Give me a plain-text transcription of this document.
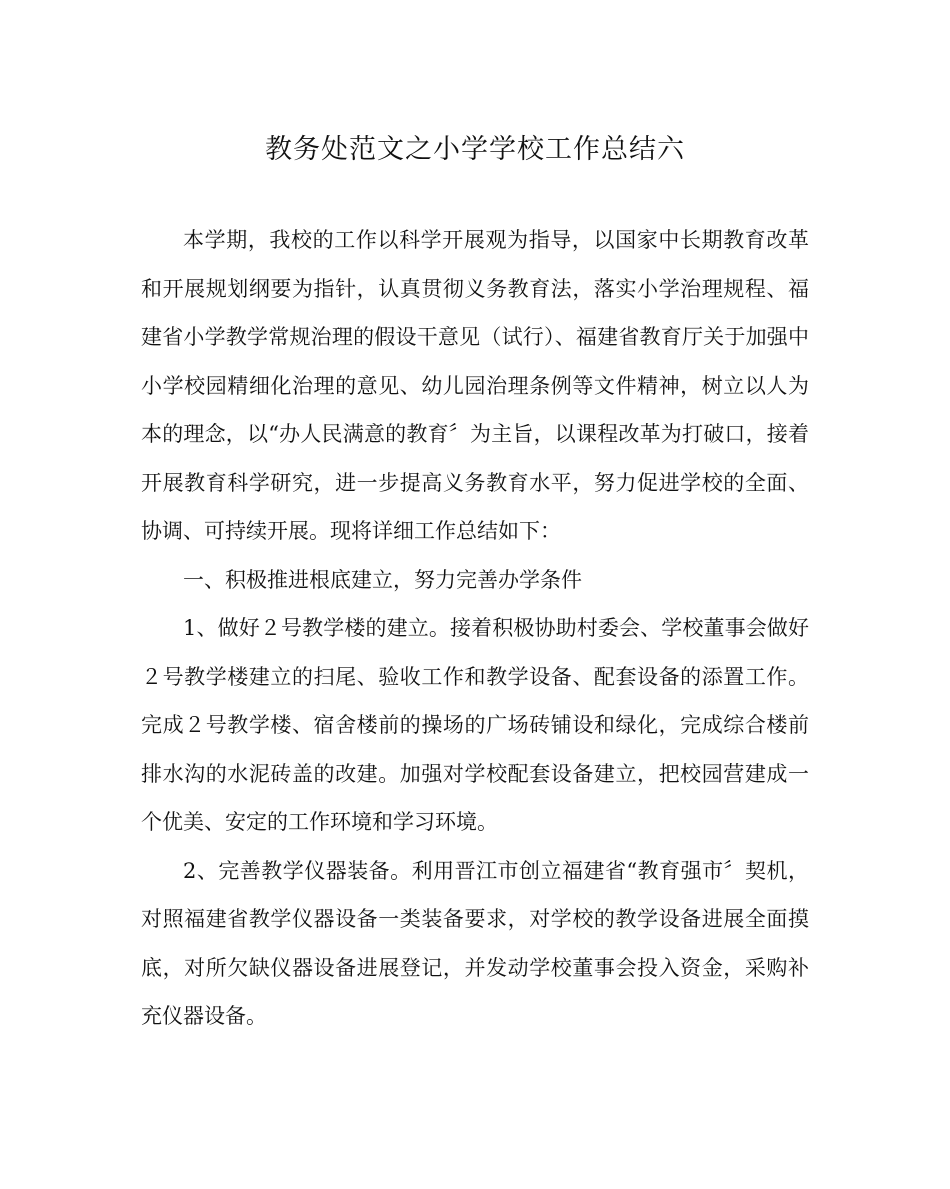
教务处范文之小学学校工作总结六

本学期，我校的工作以科学开展观为指导，以国家中长期教育改革和开展规划纲要为指针，认真贯彻义务教育法，落实小学治理规程、福建省小学教学常规治理的假设干意见（试行）、福建省教育厅关于加强中小学校园精细化治理的意见、幼儿园治理条例等文件精神，树立以人为本的理念，以“办人民满意的教育〞为主旨，以课程改革为打破口，接着开展教育科学研究，进一步提高义务教育水平，努力促进学校的全面、协调、可持续开展。现将详细工作总结如下：

一、积极推进根底建立，努力完善办学条件

1、做好２号教学楼的建立。接着积极协助村委会、学校董事会做好２号教学楼建立的扫尾、验收工作和教学设备、配套设备的添置工作。完成２号教学楼、宿舍楼前的操场的广场砖铺设和绿化，完成综合楼前排水沟的水泥砖盖的改建。加强对学校配套设备建立，把校园营建成一个优美、安定的工作环境和学习环境。

2、完善教学仪器装备。利用晋江市创立福建省“教育强市〞契机，对照福建省教学仪器设备一类装备要求，对学校的教学设备进展全面摸底，对所欠缺仪器设备进展登记，并发动学校董事会投入资金，采购补充仪器设备。
